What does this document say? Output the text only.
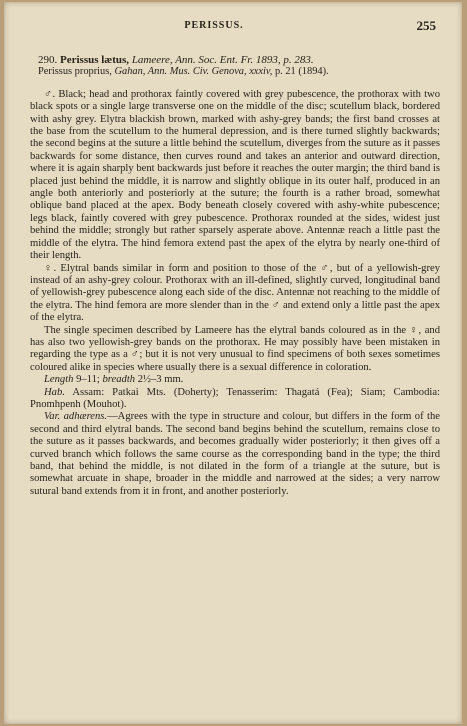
PERISSUS.	255

290. Perissus lætus, Lameere, Ann. Soc. Ent. Fr. 1893, p. 283.

Perissus proprius, Gahan, Ann. Mus. Civ. Genova, xxxiv, p. 21 (1894).

♂. Black; head and prothorax faintly covered with grey pubescence, the prothorax with two black spots or a single large transverse one on the middle of the disc; scutellum black, bordered with ashy grey. Elytra blackish brown, marked with ashy-grey bands; the first band crosses at the base from the scutellum to the humeral depression, and is there turned slightly backwards; the second begins at the suture a little behind the scutellum, diverges from the suture as it passes backwards for some distance, then curves round and takes an anterior and outward direction, where it is again sharply bent backwards just before it reaches the outer margin; the third band is placed just behind the middle, it is narrow and slightly oblique in its outer half, produced in an angle both anteriorly and posteriorly at the suture; the fourth is a rather broad, somewhat oblique band placed at the apex. Body beneath closely covered with ashy-white pubescence; legs black, faintly covered with grey pubescence. Prothorax rounded at the sides, widest just behind the middle; strongly but rather sparsely asperate above. Antennæ reach a little past the middle of the elytra. The hind femora extend past the apex of the elytra by nearly one-third of their length.

♀. Elytral bands similar in form and position to those of the ♂, but of a yellowish-grey instead of an ashy-grey colour. Prothorax with an ill-defined, slightly curved, longitudinal band of yellowish-grey pubescence along each side of the disc. Antennæ not reaching to the middle of the elytra. The hind femora are more slender than in the ♂ and extend only a little past the apex of the elytra.

The single specimen described by Lameere has the elytral bands coloured as in the ♀, and has also two yellowish-grey bands on the prothorax. He may possibly have been mistaken in regarding the type as a ♂; but it is not very unusual to find specimens of both sexes sometimes coloured alike in species where usually there is a sexual difference in coloration.

Length 9–11; breadth 2½–3 mm.

Hab. Assam: Patkai Mts. (Doherty); Tenasserim: Thagatá (Fea); Siam; Cambodia: Pnomhpenh (Mouhot).

Var. adhærens.—Agrees with the type in structure and colour, but differs in the form of the second and third elytral bands. The second band begins behind the scutellum, remains close to the suture as it passes backwards, and becomes gradually wider posteriorly; it then gives off a curved branch which follows the same course as the corresponding band in the type; the third band, that behind the middle, is not dilated in the form of a triangle at the suture, but is somewhat arcuate in shape, broader in the middle and narrowed at the sides; a very narrow sutural band extends from it in front, and another posteriorly.
